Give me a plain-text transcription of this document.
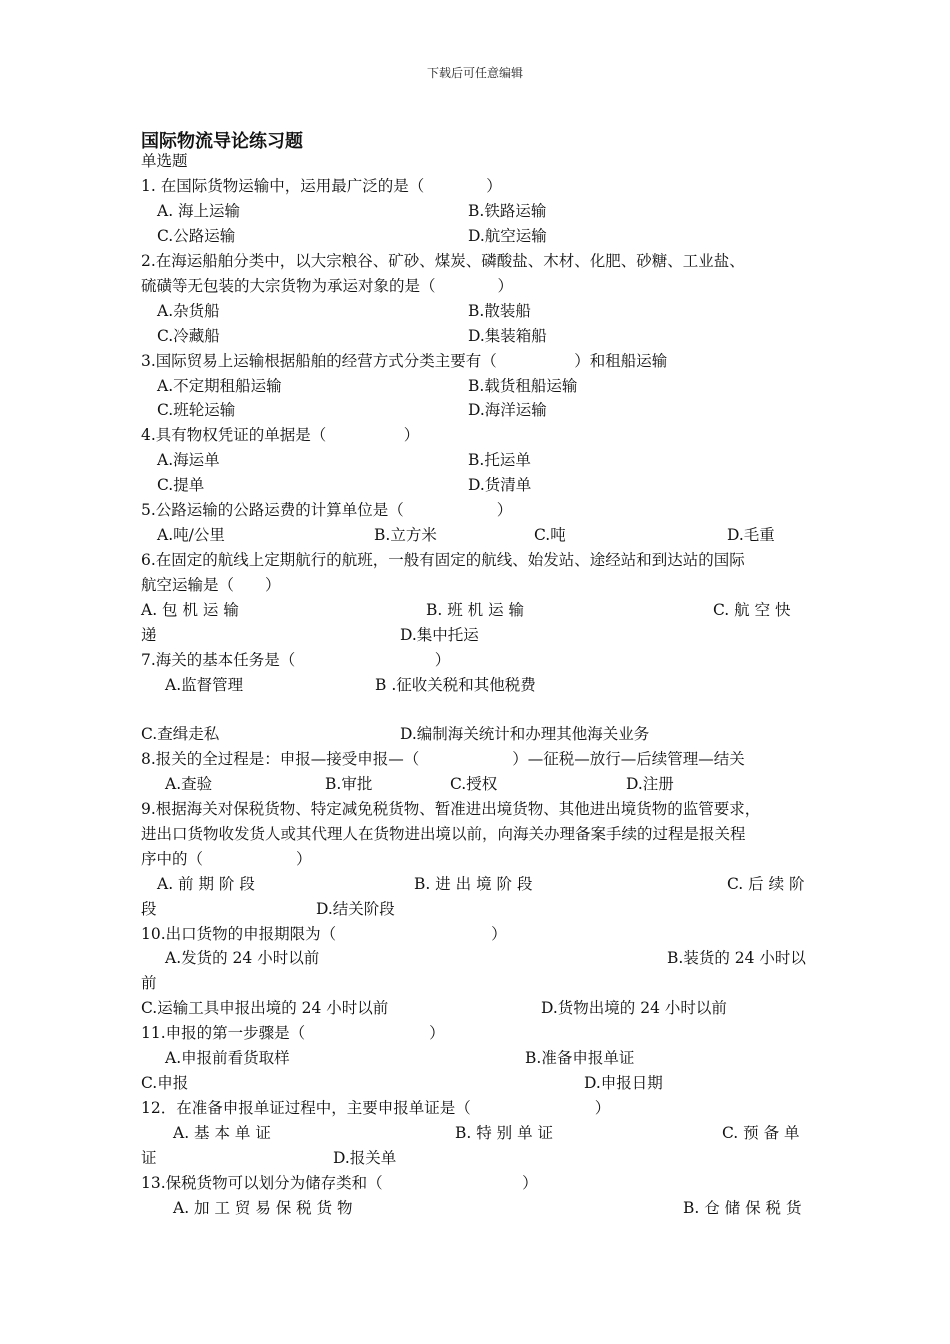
下载后可任意编辑
国际物流导论练习题
单选题
1. 在国际货物运输中，运用最广泛的是（　　　　）
A. 海上运输	B.铁路运输
C.公路运输	D.航空运输
2.在海运船舶分类中，以大宗粮谷、矿砂、煤炭、磷酸盐、木材、化肥、砂糖、工业盐、
硫磺等无包装的大宗货物为承运对象的是（　　　　）
A.杂货船	B.散装船
C.冷藏船	D.集装箱船
3.国际贸易上运输根据船舶的经营方式分类主要有（　　　　　）和租船运输
A.不定期租船运输	B.载货租船运输
C.班轮运输	D.海洋运输
4.具有物权凭证的单据是（　　　　　）
A.海运单	B.托运单
C.提单	D.货清单
5.公路运输的公路运费的计算单位是（　　　　　　）
A.吨/公里	B.立方米	C.吨	D.毛重
6.在固定的航线上定期航行的航班，一般有固定的航线、始发站、途经站和到达站的国际
航空运输是（　　）
A. 包 机 运 输	B. 班 机 运 输	C. 航 空 快
递	D.集中托运
7.海关的基本任务是（　　　　　　　　　）
A.监督管理	B .征收关税和其他税费
C.查缉走私	D.编制海关统计和办理其他海关业务
8.报关的全过程是：申报—接受申报—（　　　　　　）—征税—放行—后续管理—结关
A.查验	B.审批	C.授权	D.注册
9.根据海关对保税货物、特定减免税货物、暂准进出境货物、其他进出境货物的监管要求，
进出口货物收发货人或其代理人在货物进出境以前，向海关办理备案手续的过程是报关程
序中的（　　　　　　）
A. 前 期 阶 段	B. 进 出 境 阶 段	C. 后 续 阶
段	D.结关阶段
10.出口货物的申报期限为（　　　　　　　　　　）
A.发货的 24 小时以前	B.装货的 24 小时以
前
C.运输工具申报出境的 24 小时以前	D.货物出境的 24 小时以前
11.申报的第一步骤是（　　　　　　　　）
A.申报前看货取样	B.准备申报单证
C.申报	D.申报日期
12．在准备申报单证过程中，主要申报单证是（　　　　　　　　）
A. 基 本 单 证	B. 特 别 单 证	C. 预 备 单
证	D.报关单
13.保税货物可以划分为储存类和（　　　　　　　　　）
A. 加 工 贸 易 保 税 货 物	B. 仓 储 保 税 货
